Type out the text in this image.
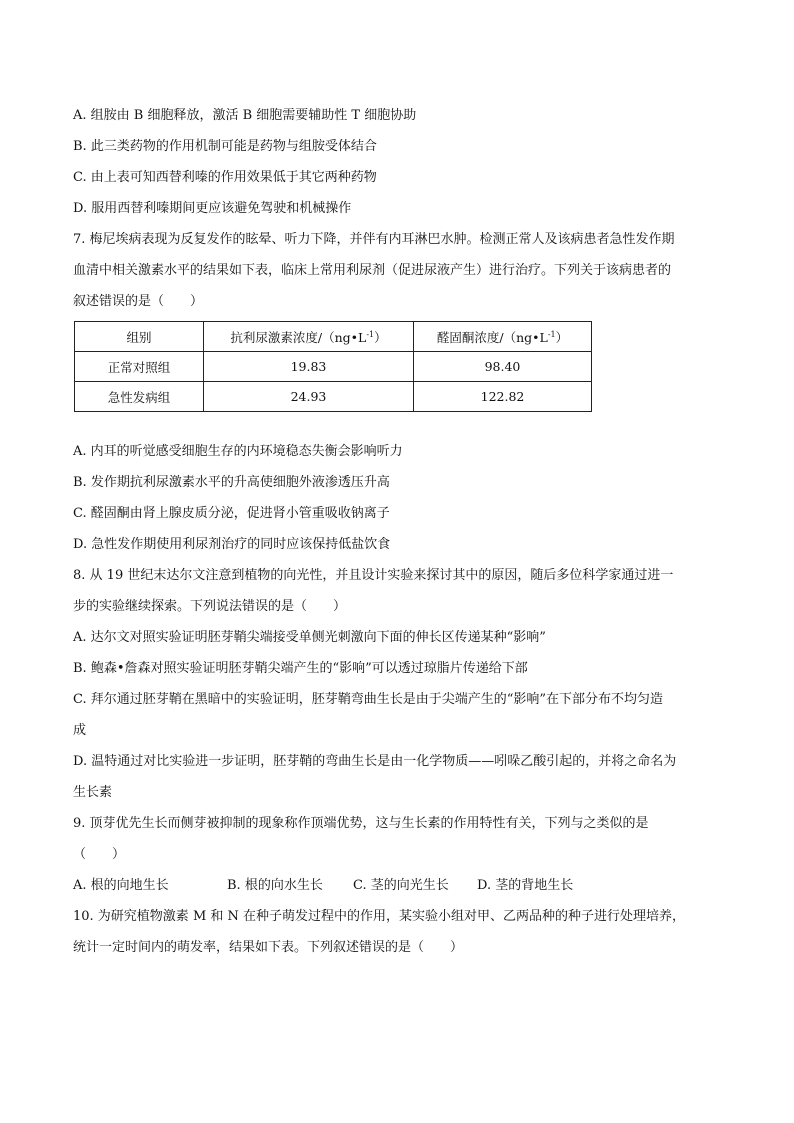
A. 组胺由 B 细胞释放，激活 B 细胞需要辅助性 T 细胞协助
B. 此三类药物的作用机制可能是药物与组胺受体结合
C. 由上表可知西替利嗪的作用效果低于其它两种药物
D. 服用西替利嗪期间更应该避免驾驶和机械操作
7. 梅尼埃病表现为反复发作的眩晕、听力下降，并伴有内耳淋巴水肿。检测正常人及该病患者急性发作期
血清中相关激素水平的结果如下表，临床上常用利尿剂（促进尿液产生）进行治疗。下列关于该病患者的
叙述错误的是（　　）
组别	抗利尿激素浓度$/(ng•L^{-1})$	醛固酮浓度$/(ng•L^{-1})$
正常对照组	19.83	98.40
急性发病组	24.93	122.82
A. 内耳的听觉感受细胞生存的内环境稳态失衡会影响听力
B. 发作期抗利尿激素水平的升高使细胞外液渗透压升高
C. 醛固酮由肾上腺皮质分泌，促进肾小管重吸收钠离子
D. 急性发作期使用利尿剂治疗的同时应该保持低盐饮食
8. 从 19 世纪末达尔文注意到植物的向光性，并且设计实验来探讨其中的原因，随后多位科学家通过进一
步的实验继续探索。下列说法错误的是（　　）
A. 达尔文对照实验证明胚芽鞘尖端接受单侧光刺激向下面的伸长区传递某种“影响”
B. 鲍森•詹森对照实验证明胚芽鞘尖端产生的“影响”可以透过琼脂片传递给下部
C. 拜尔通过胚芽鞘在黑暗中的实验证明，胚芽鞘弯曲生长是由于尖端产生的“影响”在下部分布不均匀造
成
D. 温特通过对比实验进一步证明，胚芽鞘的弯曲生长是由一化学物质——吲哚乙酸引起的，并将之命名为
生长素
9. 顶芽优先生长而侧芽被抑制的现象称作顶端优势，这与生长素的作用特性有关，下列与之类似的是
（　　）
A. 根的向地生长	B. 根的向水生长	C. 茎的向光生长	D. 茎的背地生长
10. 为研究植物激素 M 和 N 在种子萌发过程中的作用，某实验小组对甲、乙两品种的种子进行处理培养，
统计一定时间内的萌发率，结果如下表。下列叙述错误的是（　　）
